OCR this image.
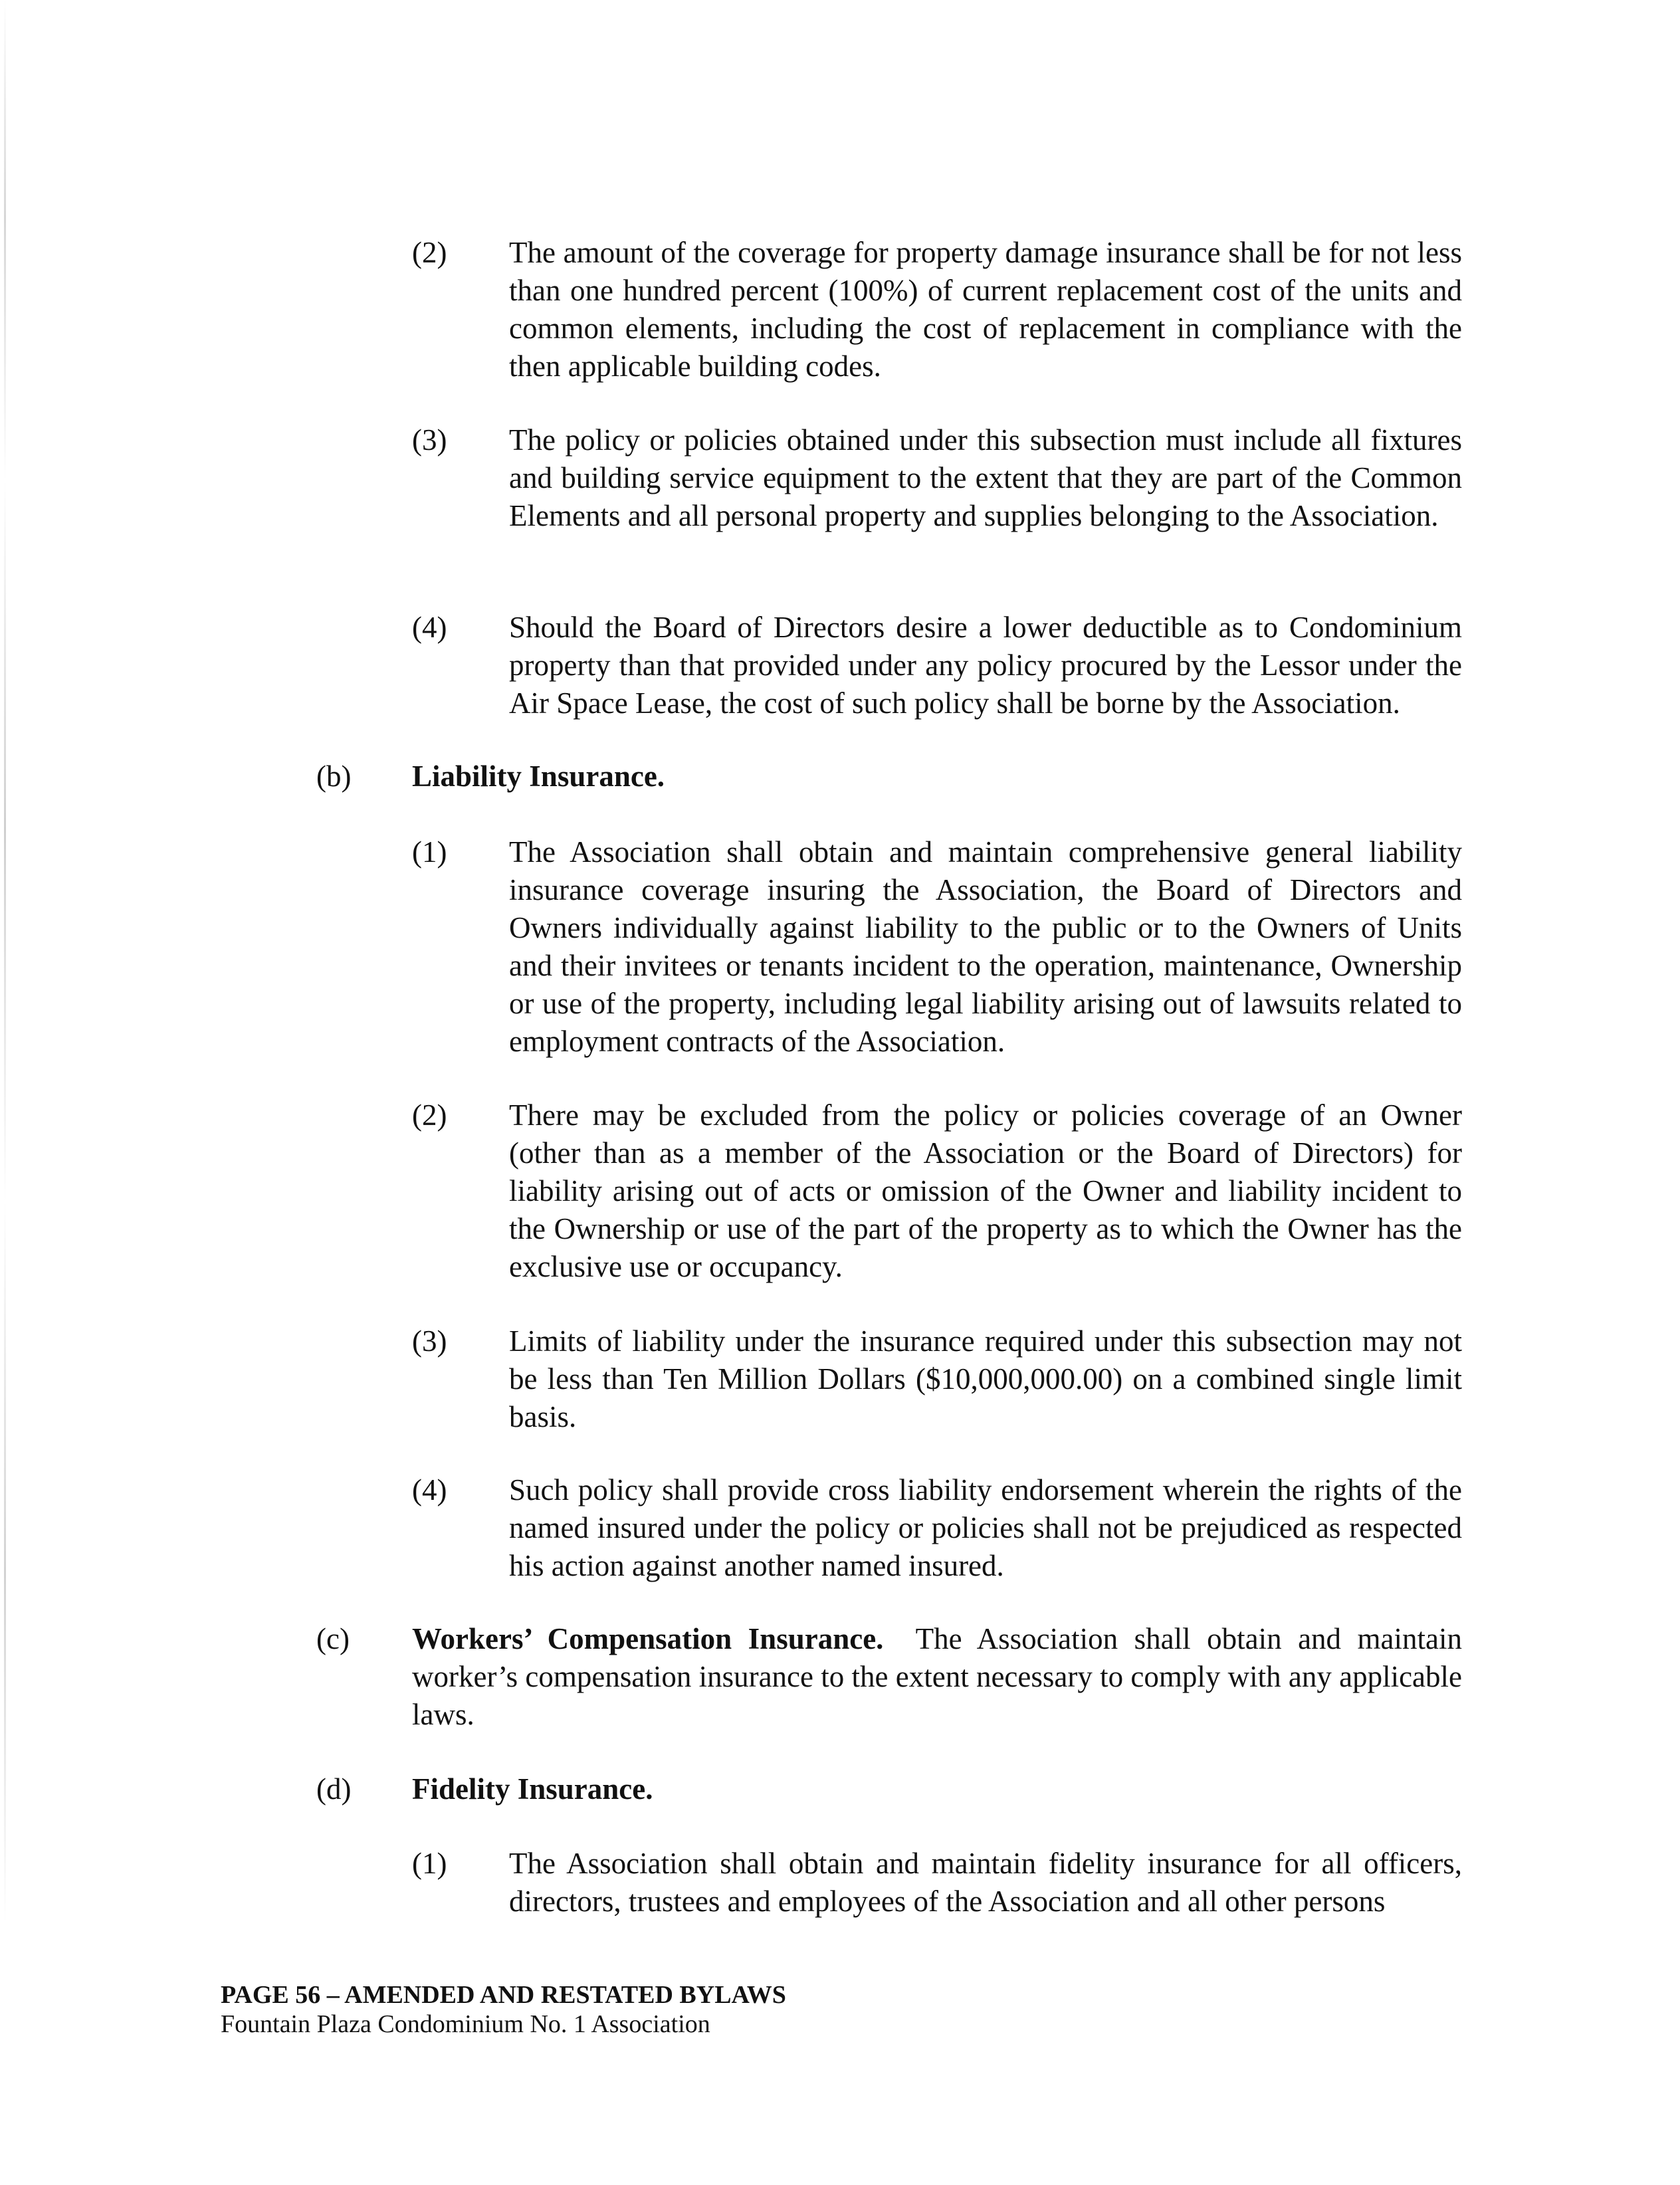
(2)	The amount of the coverage for property damage insurance shall be for not less than one hundred percent (100%) of current replacement cost of the units and common elements, including the cost of replacement in compliance with the then applicable building codes.
(3)	The policy or policies obtained under this subsection must include all fixtures and building service equipment to the extent that they are part of the Common Elements and all personal property and supplies belonging to the Association.
(4)	Should the Board of Directors desire a lower deductible as to Condominium property than that provided under any policy procured by the Lessor under the Air Space Lease, the cost of such policy shall be borne by the Association.
(b)	Liability Insurance.
(1)	The Association shall obtain and maintain comprehensive general liability insurance coverage insuring the Association, the Board of Directors and Owners individually against liability to the public or to the Owners of Units and their invitees or tenants incident to the operation, maintenance, Ownership or use of the property, including legal liability arising out of lawsuits related to employment contracts of the Association.
(2)	There may be excluded from the policy or policies coverage of an Owner (other than as a member of the Association or the Board of Directors) for liability arising out of acts or omission of the Owner and liability incident to the Ownership or use of the part of the property as to which the Owner has the exclusive use or occupancy.
(3)	Limits of liability under the insurance required under this subsection may not be less than Ten Million Dollars ($10,000,000.00) on a combined single limit basis.
(4)	Such policy shall provide cross liability endorsement wherein the rights of the named insured under the policy or policies shall not be prejudiced as respected his action against another named insured.
(c)	Workers’ Compensation Insurance. The Association shall obtain and maintain worker’s compensation insurance to the extent necessary to comply with any applicable laws.
(d)	Fidelity Insurance.
(1)	The Association shall obtain and maintain fidelity insurance for all officers, directors, trustees and employees of the Association and all other persons
PAGE 56 – AMENDED AND RESTATED BYLAWS
Fountain Plaza Condominium No. 1 Association
